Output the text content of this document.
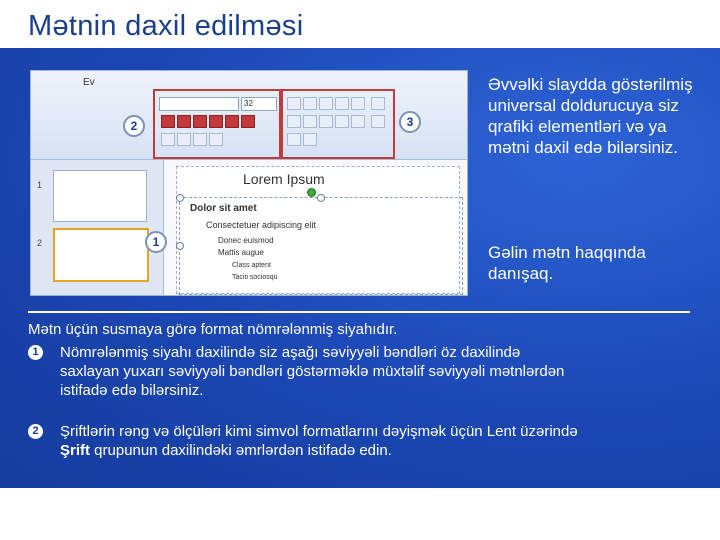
Mətnin daxil edilməsi
Ev
32
2	3
1
2
Lorem Ipsum
Dolor sit amet
Consectetuer adipiscing elit
Donec euismod
Mattis augue
Class aptent
Taciti sociosqu
1
Əvvəlki slaydda göstərilmiş universal doldurucuya siz qrafiki elementləri və ya mətni daxil edə bilərsiniz.
Gəlin mətn haqqında danışaq.
Mətn üçün susmaya görə format nömrələnmiş siyahıdır.
1 Nömrələnmiş siyahı daxilində siz aşağı səviyyəli bəndləri öz daxilində saxlayan yuxarı səviyyəli bəndləri göstərməklə müxtəlif səviyyəli mətnlərdən istifadə edə bilərsiniz.
2 Şriftlərin rəng və ölçüləri kimi simvol formatlarını dəyişmək üçün Lent üzərində Şrift qrupunun daxilindəki əmrlərdən istifadə edin.
